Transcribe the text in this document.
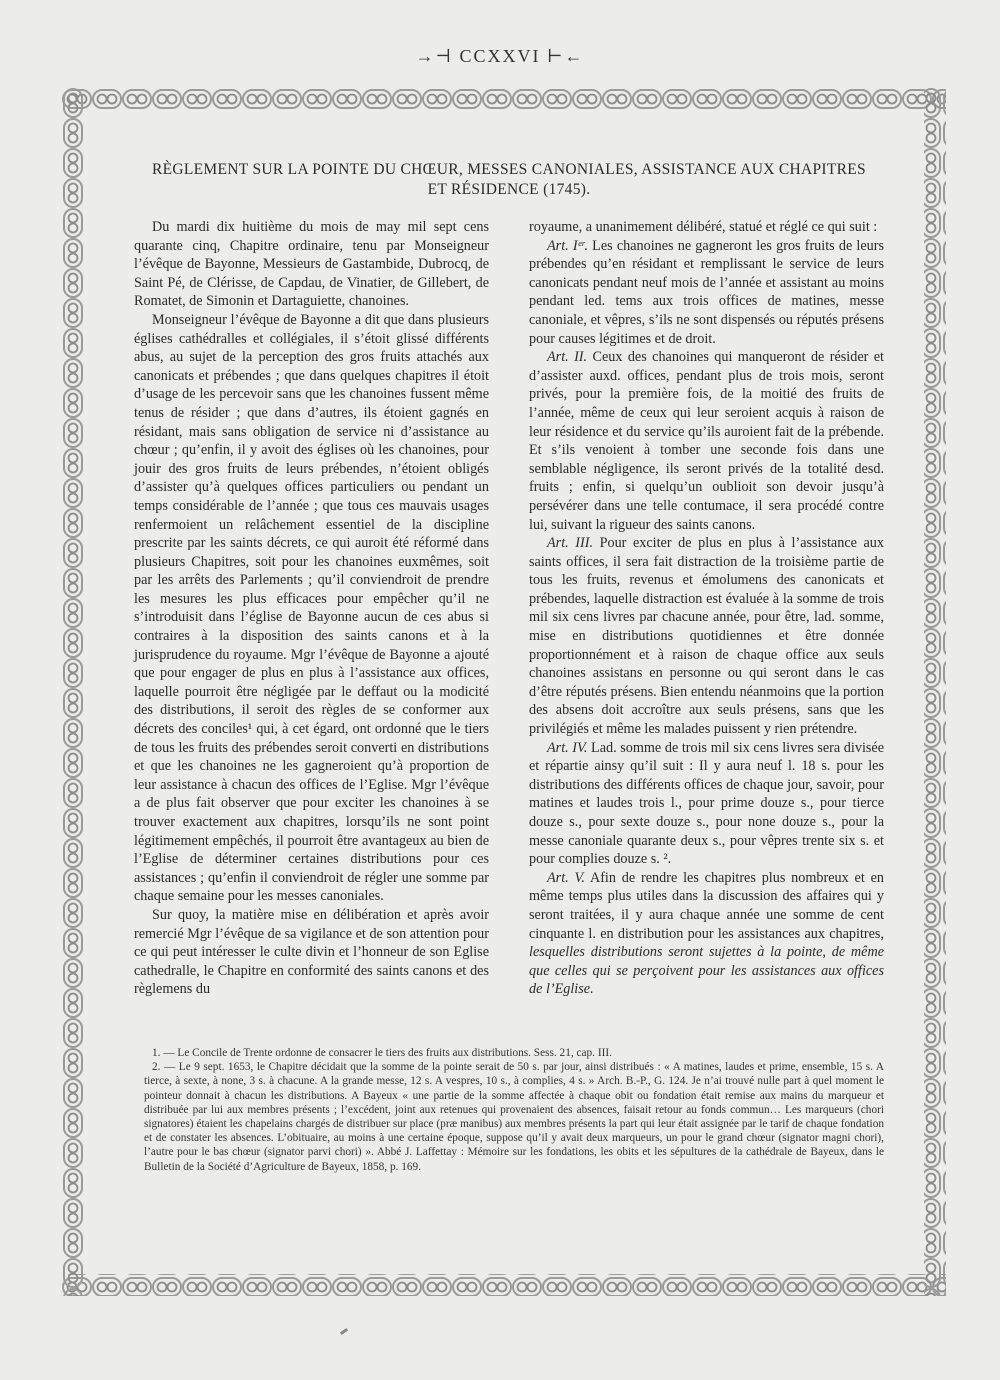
→⊣ CCXXVI ⊢←
RÈGLEMENT SUR LA POINTE DU CHŒUR, MESSES CANONIALES, ASSISTANCE AUX CHAPITRES
ET RÉSIDENCE (1745).

Du mardi dix huitième du mois de may mil sept cens quarante cinq, Chapitre ordinaire, tenu par Monseigneur l’évêque de Bayonne, Messieurs de Gastambide, Dubrocq, de Saint Pé, de Clérisse, de Capdau, de Vinatier, de Gillebert, de Romatet, de Simonin et Dartaguiette, chanoines.

Monseigneur l’évêque de Bayonne a dit que dans plusieurs églises cathédralles et collégiales, il s’étoit glissé différents abus, au sujet de la perception des gros fruits attachés aux canonicats et prébendes ; que dans quelques chapitres il étoit d’usage de les percevoir sans que les chanoines fussent même tenus de résider ; que dans d’autres, ils étoient gagnés en résidant, mais sans obligation de service ni d’assistance au chœur ; qu’enfin, il y avoit des églises où les chanoines, pour jouir des gros fruits de leurs prébendes, n’étoient obligés d’assister qu’à quelques offices particuliers ou pendant un temps considérable de l’année ; que tous ces mauvais usages renfermoient un relâchement essentiel de la discipline prescrite par les saints décrets, ce qui auroit été réformé dans plusieurs Chapitres, soit pour les chanoines euxmêmes, soit par les arrêts des Parlements ; qu’il conviendroit de prendre les mesures les plus efficaces pour empêcher qu’il ne s’introduisit dans l’église de Bayonne aucun de ces abus si contraires à la disposition des saints canons et à la jurisprudence du royaume. Mgr l’évêque de Bayonne a ajouté que pour engager de plus en plus à l’assistance aux offices, laquelle pourroit être négligée par le deffaut ou la modicité des distributions, il seroit des règles de se conformer aux décrets des conciles¹ qui, à cet égard, ont ordonné que le tiers de tous les fruits des prébendes seroit converti en distributions et que les chanoines ne les gagneroient qu’à proportion de leur assistance à chacun des offices de l’Eglise. Mgr l’évêque a de plus fait observer que pour exciter les chanoines à se trouver exactement aux chapitres, lorsqu’ils ne sont point légitimement empêchés, il pourroit être avantageux au bien de l’Eglise de déterminer certaines distributions pour ces assistances ; qu’enfin il conviendroit de régler une somme par chaque semaine pour les messes canoniales.

Sur quoy, la matière mise en délibération et après avoir remercié Mgr l’évêque de sa vigilance et de son attention pour ce qui peut intéresser le culte divin et l’honneur de son Eglise cathedralle, le Chapitre en conformité des saints canons et des règlemens du

royaume, a unanimement délibéré, statué et réglé ce qui suit :

Art. Iᵉʳ. Les chanoines ne gagneront les gros fruits de leurs prébendes qu’en résidant et remplissant le service de leurs canonicats pendant neuf mois de l’année et assistant au moins pendant led. tems aux trois offices de matines, messe canoniale, et vêpres, s’ils ne sont dispensés ou réputés présens pour causes légitimes et de droit.

Art. II. Ceux des chanoines qui manqueront de résider et d’assister auxd. offices, pendant plus de trois mois, seront privés, pour la première fois, de la moitié des fruits de l’année, même de ceux qui leur seroient acquis à raison de leur résidence et du service qu’ils auroient fait de la prébende. Et s’ils venoient à tomber une seconde fois dans une semblable négligence, ils seront privés de la totalité desd. fruits ; enfin, si quelqu’un oublioit son devoir jusqu’à persévérer dans une telle contumace, il sera procédé contre lui, suivant la rigueur des saints canons.

Art. III. Pour exciter de plus en plus à l’assistance aux saints offices, il sera fait distraction de la troisième partie de tous les fruits, revenus et émolumens des canonicats et prébendes, laquelle distraction est évaluée à la somme de trois mil six cens livres par chacune année, pour être, lad. somme, mise en distributions quotidiennes et être donnée proportionnément et à raison de chaque office aux seuls chanoines assistans en personne ou qui seront dans le cas d’être réputés présens. Bien entendu néanmoins que la portion des absens doit accroître aux seuls présens, sans que les privilégiés et même les malades puissent y rien prétendre.

Art. IV. Lad. somme de trois mil six cens livres sera divisée et répartie ainsy qu’il suit : Il y aura neuf l. 18 s. pour les distributions des différents offices de chaque jour, savoir, pour matines et laudes trois l., pour prime douze s., pour tierce douze s., pour sexte douze s., pour none douze s., pour la messe canoniale quarante deux s., pour vêpres trente six s. et pour complies douze s. ².

Art. V. Afin de rendre les chapitres plus nombreux et en même temps plus utiles dans la discussion des affaires qui y seront traitées, il y aura chaque année une somme de cent cinquante l. en distribution pour les assistances aux chapitres, lesquelles distributions seront sujettes à la pointe, de même que celles qui se perçoivent pour les assistances aux offices de l’Eglise.

1. — Le Concile de Trente ordonne de consacrer le tiers des fruits aux distributions. Sess. 21, cap. III.

2. — Le 9 sept. 1653, le Chapitre décidait que la somme de la pointe serait de 50 s. par jour, ainsi distribués : « A matines, laudes et prime, ensemble, 15 s. A tierce, à sexte, à none, 3 s. à chacune. A la grande messe, 12 s. A vespres, 10 s., à complies, 4 s. » Arch. B.-P., G. 124. Je n’ai trouvé nulle part à quel moment le pointeur donnait à chacun les distributions. A Bayeux « une partie de la somme affectée à chaque obit ou fondation était remise aux mains du marqueur et distribuée par lui aux membres présents ; l’excédent, joint aux retenues qui provenaient des absences, faisait retour au fonds commun… Les marqueurs (chori signatores) étaient les chapelains chargés de distribuer sur place (præ manibus) aux membres présents la part qui leur était assignée par le tarif de chaque fondation et de constater les absences. L’obituaire, au moins à une certaine époque, suppose qu’il y avait deux marqueurs, un pour le grand chœur (signator magni chori), l’autre pour le bas chœur (signator parvi chori) ». Abbé J. Laffettay : Mémoire sur les fondations, les obits et les sépultures de la cathédrale de Bayeux, dans le Bulletin de la Société d’Agriculture de Bayeux, 1858, p. 169.
